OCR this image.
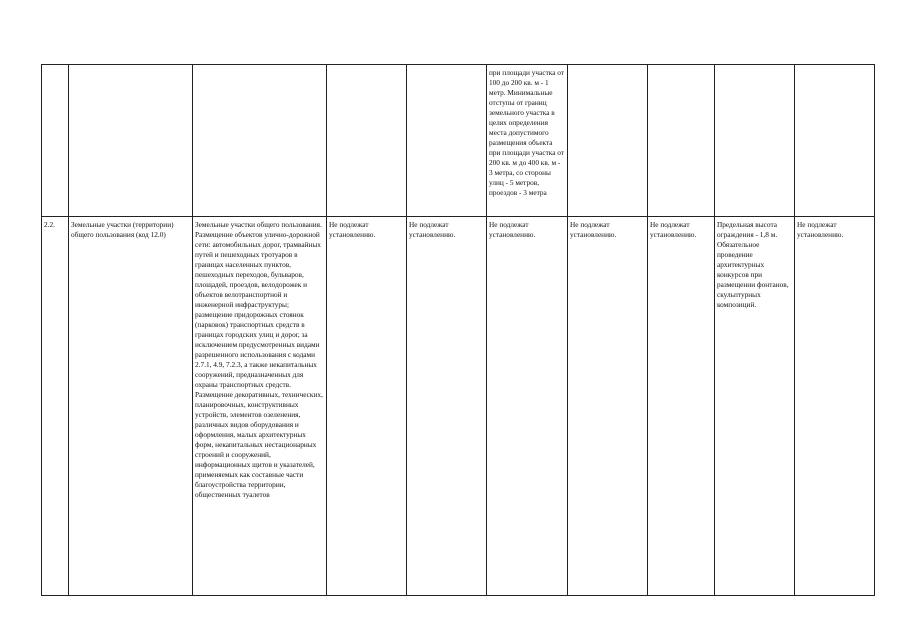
					при площади участка от 100 до 200 кв. м - 1 метр. Минимальные отступы от границ земельного участка в целях определения места допустимого размещения объекта при площади участка от 200 кв. м до 400 кв. м - 3 метра, со стороны улиц - 5 метров, проездов - 3 метра				

2.2.	Земельные участки (территории) общего пользования (код 12.0)	Земельные участки общего пользования. Размещение объектов улично-дорожной сети: автомобильных дорог, трамвайных путей и пешеходных тротуаров в границах населенных пунктов, пешеходных переходов, бульваров, площадей, проездов, велодорожек и объектов велотранспортной и инженерной инфраструктуры; размещение придорожных стоянок (парковок) транспортных средств в границах городских улиц и дорог, за исключением предусмотренных видами разрешенного использования с кодами 2.7.1, 4.9, 7.2.3, а также некапитальных сооружений, предназначенных для охраны транспортных средств. Размещение декоративных, технических, планировочных, конструктивных устройств, элементов озеленения, различных видов оборудования и оформления, малых архитектурных форм, некапитальных нестационарных строений и сооружений, информационных щитов и указателей, применяемых как составные части благоустройства территории, общественных туалетов	Не подлежат установлению.	Не подлежат установлению.	Не подлежат установлению.	Не подлежат установлению.	Не подлежат установлению.	Предельная высота ограждения - 1,8 м. Обязательное проведение архитектурных конкурсов при размещении фонтанов, скульптурных композиций.	Не подлежат установлению.
